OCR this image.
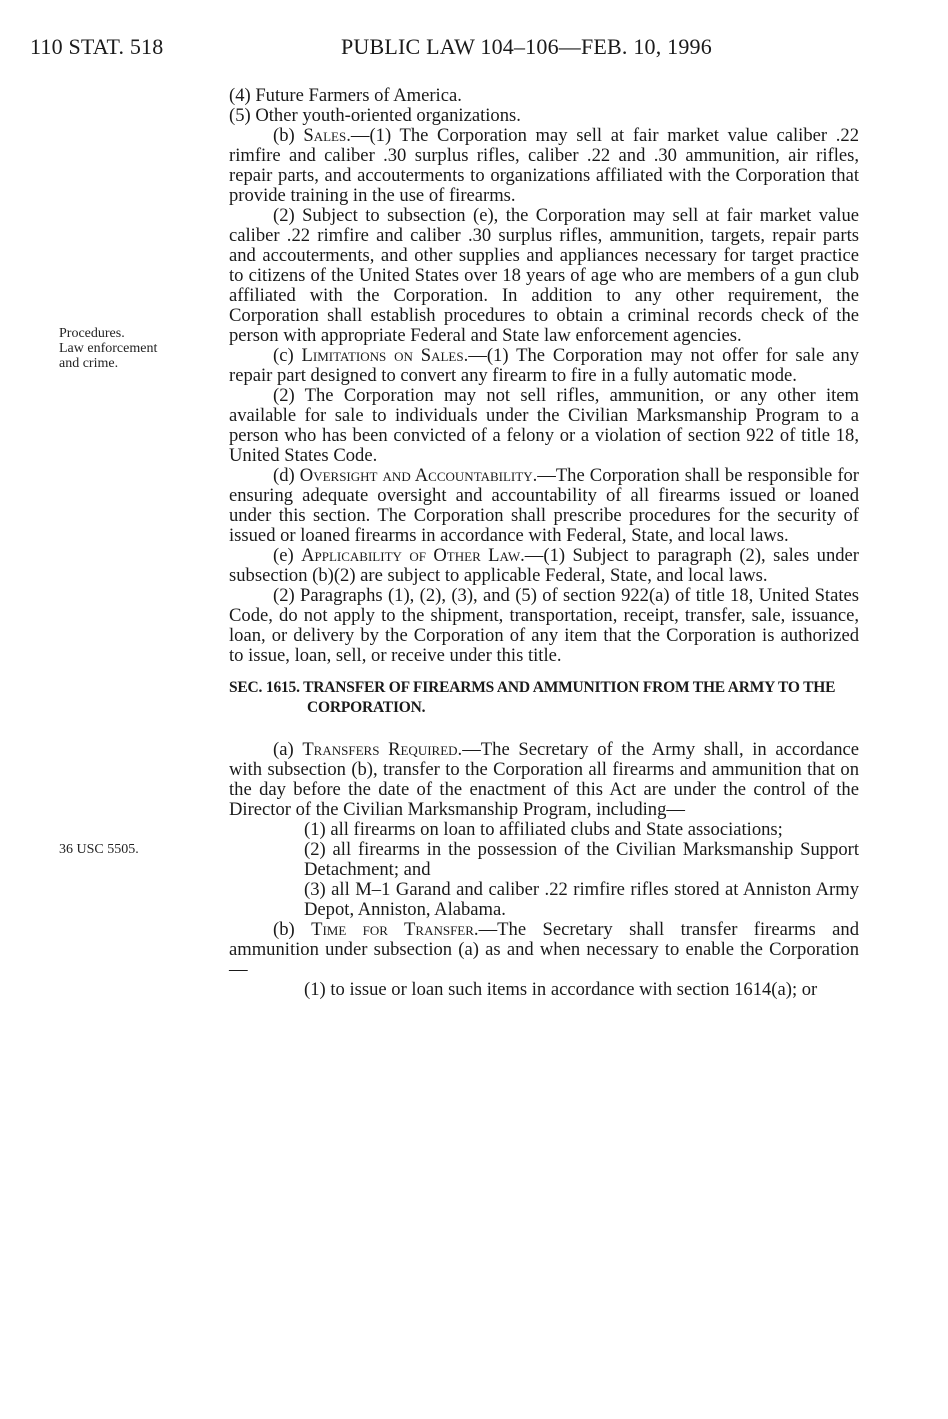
110 STAT. 518	PUBLIC LAW 104–106—FEB. 10, 1996
Procedures.
Law enforcement
and crime.
36 USC 5505.

(4) Future Farmers of America.

(5) Other youth-oriented organizations.

(b) Sales.—(1) The Corporation may sell at fair market value caliber .22 rimfire and caliber .30 surplus rifles, caliber .22 and .30 ammunition, air rifles, repair parts, and accouterments to organizations affiliated with the Corporation that provide training in the use of firearms.

(2) Subject to subsection (e), the Corporation may sell at fair market value caliber .22 rimfire and caliber .30 surplus rifles, ammunition, targets, repair parts and accouterments, and other supplies and appliances necessary for target practice to citizens of the United States over 18 years of age who are members of a gun club affiliated with the Corporation. In addition to any other requirement, the Corporation shall establish procedures to obtain a criminal records check of the person with appropriate Federal and State law enforcement agencies.

(c) Limitations on Sales.—(1) The Corporation may not offer for sale any repair part designed to convert any firearm to fire in a fully automatic mode.

(2) The Corporation may not sell rifles, ammunition, or any other item available for sale to individuals under the Civilian Marksmanship Program to a person who has been convicted of a felony or a violation of section 922 of title 18, United States Code.

(d) Oversight and Accountability.—The Corporation shall be responsible for ensuring adequate oversight and accountability of all firearms issued or loaned under this section. The Corporation shall prescribe procedures for the security of issued or loaned firearms in accordance with Federal, State, and local laws.

(e) Applicability of Other Law.—(1) Subject to paragraph (2), sales under subsection (b)(2) are subject to applicable Federal, State, and local laws.

(2) Paragraphs (1), (2), (3), and (5) of section 922(a) of title 18, United States Code, do not apply to the shipment, transportation, receipt, transfer, sale, issuance, loan, or delivery by the Corporation of any item that the Corporation is authorized to issue, loan, sell, or receive under this title.

SEC. 1615. TRANSFER OF FIREARMS AND AMMUNITION FROM THE ARMY TO THE CORPORATION.

(a) Transfers Required.—The Secretary of the Army shall, in accordance with subsection (b), transfer to the Corporation all firearms and ammunition that on the day before the date of the enactment of this Act are under the control of the Director of the Civilian Marksmanship Program, including—

(1) all firearms on loan to affiliated clubs and State associations;

(2) all firearms in the possession of the Civilian Marksmanship Support Detachment; and

(3) all M–1 Garand and caliber .22 rimfire rifles stored at Anniston Army Depot, Anniston, Alabama.

(b) Time for Transfer.—The Secretary shall transfer firearms and ammunition under subsection (a) as and when necessary to enable the Corporation—

(1) to issue or loan such items in accordance with section 1614(a); or
